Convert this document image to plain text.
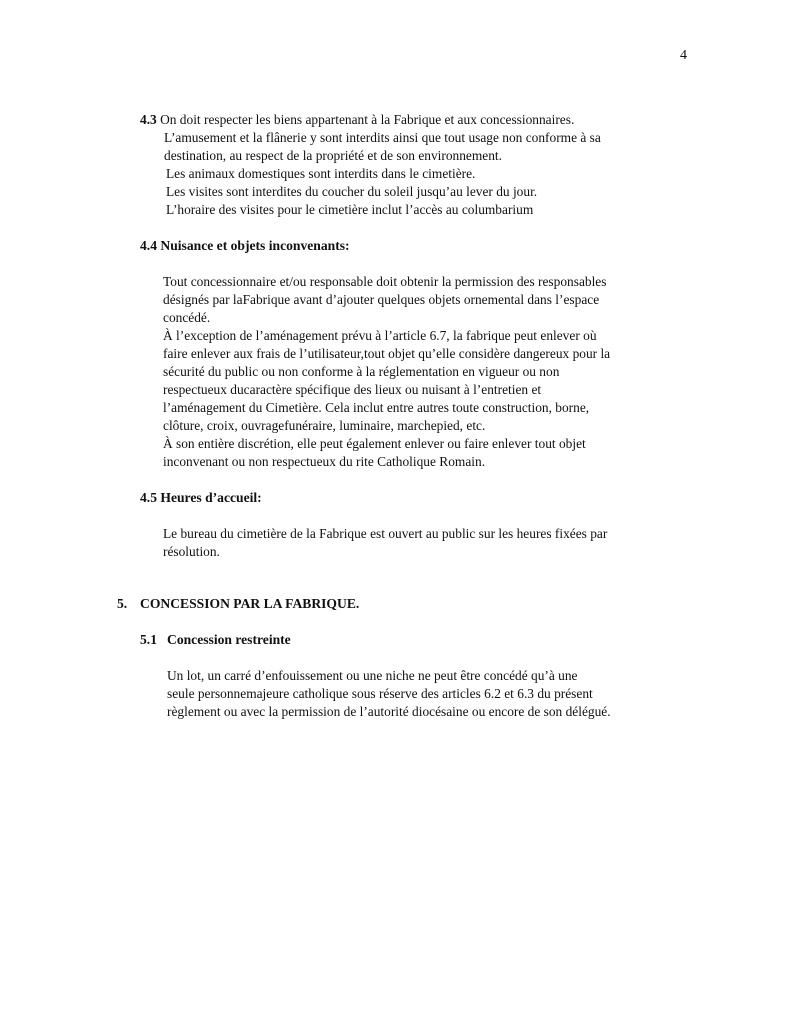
4
4.3 On doit respecter les biens appartenant à la Fabrique et aux concessionnaires.
L’amusement et la flânerie y sont interdits ainsi que tout usage non conforme à sa
destination, au respect de la propriété et de son environnement.
Les animaux domestiques sont interdits dans le cimetière.
Les visites sont interdites du coucher du soleil jusqu’au lever du jour.
L’horaire des visites pour le cimetière inclut l’accès au columbarium
4.4 Nuisance et objets inconvenants:
Tout concessionnaire et/ou responsable doit obtenir la permission des responsables
désignés par laFabrique avant d’ajouter quelques objets ornemental dans l’espace
concédé.
À l’exception de l’aménagement prévu à l’article 6.7, la fabrique peut enlever où
faire enlever aux frais de l’utilisateur,tout objet qu’elle considère dangereux pour la
sécurité du public ou non conforme à la réglementation en vigueur ou non
respectueux ducaractère spécifique des lieux ou nuisant à l’entretien et
l’aménagement du Cimetière. Cela inclut entre autres toute construction, borne,
clôture, croix, ouvragefunéraire, luminaire, marchepied, etc.
À son entière discrétion, elle peut également enlever ou faire enlever tout objet
inconvenant ou non respectueux du rite Catholique Romain.
4.5 Heures d’accueil:
Le bureau du cimetière de la Fabrique est ouvert au public sur les heures fixées par
résolution.
5. CONCESSION PAR LA FABRIQUE.
5.1 Concession restreinte
Un lot, un carré d’enfouissement ou une niche ne peut être concédé qu’à une
seule personnemajeure catholique sous réserve des articles 6.2 et 6.3 du présent
règlement ou avec la permission de l’autorité diocésaine ou encore de son délégué.
